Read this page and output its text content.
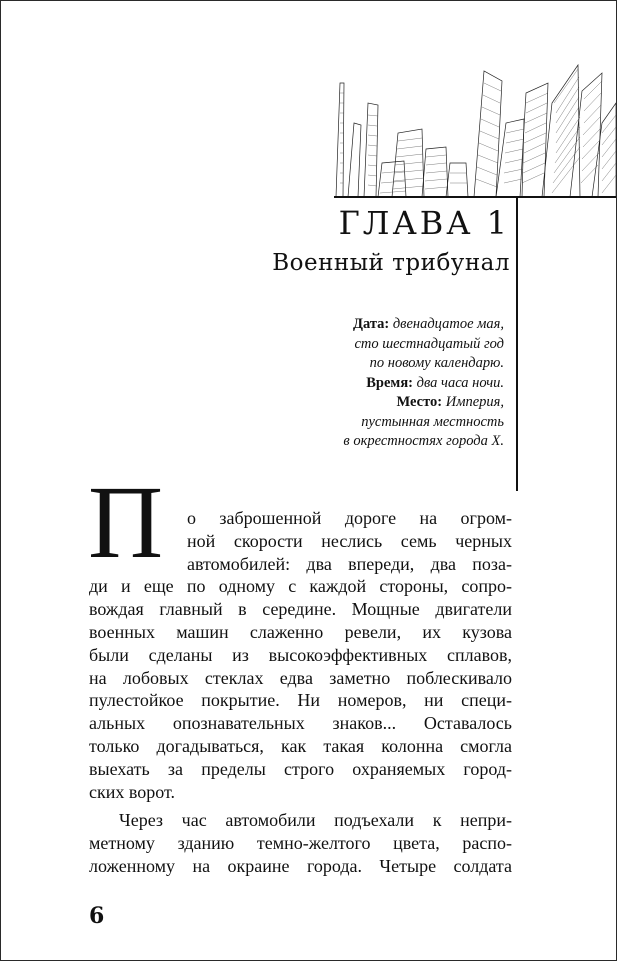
ГЛАВА 1
Военный трибунал
Дата: двенадцатое мая,
сто шестнадцатый год
по новому календарю.
Время: два часа ночи.
Место: Империя,
пустынная местность
в окрестностях города Х.
П	о заброшенной дороге на огром-
ной скорости неслись семь черных
автомобилей: два впереди, два поза-
ди и еще по одному с каждой стороны, сопро-
вождая главный в середине. Мощные двигатели
военных машин слаженно ревели, их кузова
были сделаны из высокоэффективных сплавов,
на лобовых стеклах едва заметно поблескивало
пулестойкое покрытие. Ни номеров, ни специ-
альных опознавательных знаков... Оставалось
только догадываться, как такая колонна смогла
выехать за пределы строго охраняемых город-
ских ворот.
Через час автомобили подъехали к непри-
метному зданию темно-желтого цвета, распо-
ложенному на окраине города. Четыре солдата
6
